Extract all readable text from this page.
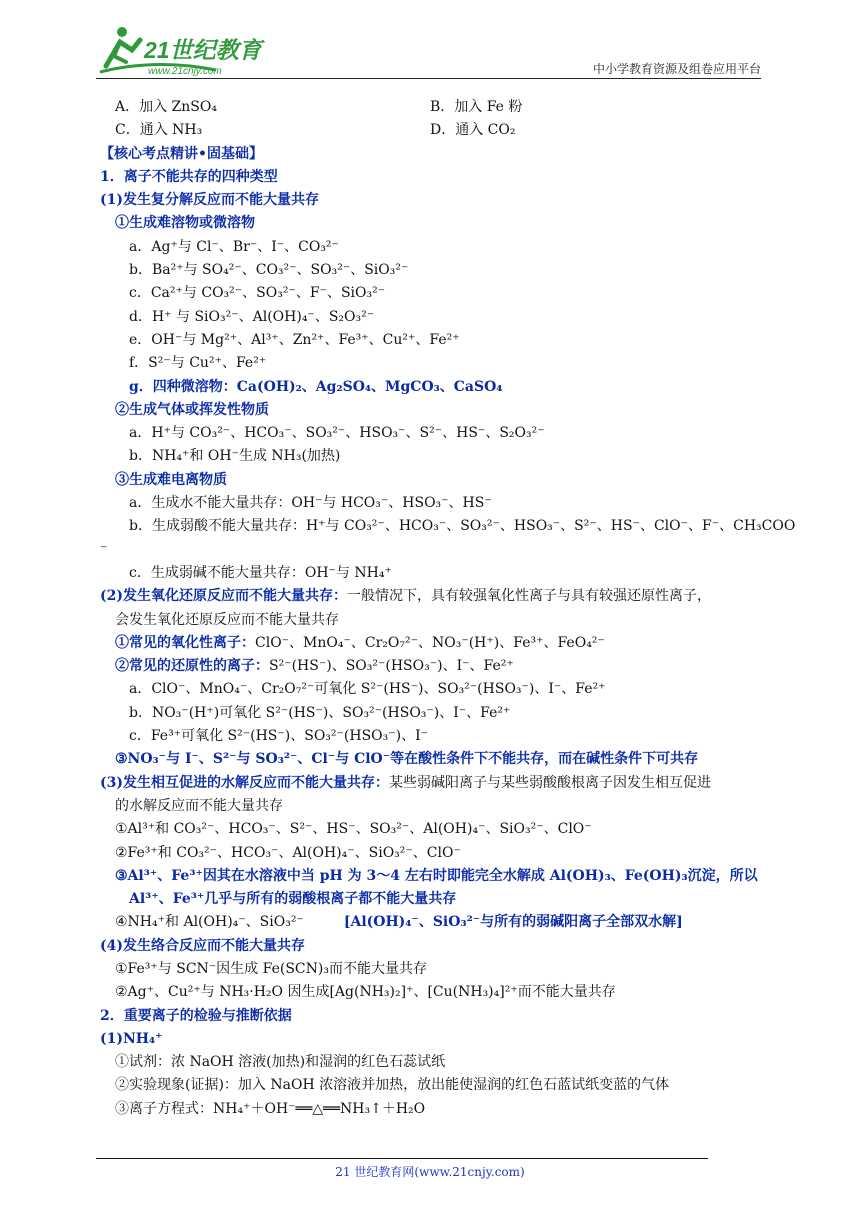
21世纪教育
www.21cnjy.com	中小学教育资源及组卷应用平台
A．加入 ZnSO₄	B．加入 Fe 粉
C．通入 NH₃	D．通入 CO₂
【核心考点精讲•固基础】
1．离子不能共存的四种类型
(1)发生复分解反应而不能大量共存
①生成难溶物或微溶物
a．Ag⁺与 Cl⁻、Br⁻、I⁻、CO₃²⁻
b．Ba²⁺与 SO₄²⁻、CO₃²⁻、SO₃²⁻、SiO₃²⁻
c．Ca²⁺与 CO₃²⁻、SO₃²⁻、F⁻、SiO₃²⁻
d．H⁺ 与 SiO₃²⁻、Al(OH)₄⁻、S₂O₃²⁻
e．OH⁻与 Mg²⁺、Al³⁺、Zn²⁺、Fe³⁺、Cu²⁺、Fe²⁺
f．S²⁻与 Cu²⁺、Fe²⁺
g．四种微溶物：Ca(OH)₂、Ag₂SO₄、MgCO₃、CaSO₄
②生成气体或挥发性物质
a．H⁺与 CO₃²⁻、HCO₃⁻、SO₃²⁻、HSO₃⁻、S²⁻、HS⁻、S₂O₃²⁻
b．NH₄⁺和 OH⁻生成 NH₃(加热)
③生成难电离物质
a．生成水不能大量共存：OH⁻与 HCO₃⁻、HSO₃⁻、HS⁻
b．生成弱酸不能大量共存：H⁺与 CO₃²⁻、HCO₃⁻、SO₃²⁻、HSO₃⁻、S²⁻、HS⁻、ClO⁻、F⁻、CH₃COO
⁻
c．生成弱碱不能大量共存：OH⁻与 NH₄⁺
(2)发生氧化还原反应而不能大量共存：一般情况下，具有较强氧化性离子与具有较强还原性离子，
会发生氧化还原反应而不能大量共存
①常见的氧化性离子：ClO⁻、MnO₄⁻、Cr₂O₇²⁻、NO₃⁻(H⁺)、Fe³⁺、FeO₄²⁻
②常见的还原性的离子：S²⁻(HS⁻)、SO₃²⁻(HSO₃⁻)、I⁻、Fe²⁺
a．ClO⁻、MnO₄⁻、Cr₂O₇²⁻可氧化 S²⁻(HS⁻)、SO₃²⁻(HSO₃⁻)、I⁻、Fe²⁺
b．NO₃⁻(H⁺)可氧化 S²⁻(HS⁻)、SO₃²⁻(HSO₃⁻)、I⁻、Fe²⁺
c．Fe³⁺可氧化 S²⁻(HS⁻)、SO₃²⁻(HSO₃⁻)、I⁻
③NO₃⁻与 I⁻、S²⁻与 SO₃²⁻、Cl⁻与 ClO⁻等在酸性条件下不能共存，而在碱性条件下可共存
(3)发生相互促进的水解反应而不能大量共存：某些弱碱阳离子与某些弱酸酸根离子因发生相互促进
的水解反应而不能大量共存
①Al³⁺和 CO₃²⁻、HCO₃⁻、S²⁻、HS⁻、SO₃²⁻、Al(OH)₄⁻、SiO₃²⁻、ClO⁻
②Fe³⁺和 CO₃²⁻、HCO₃⁻、Al(OH)₄⁻、SiO₃²⁻、ClO⁻
③Al³⁺、Fe³⁺因其在水溶液中当 pH 为 3～4 左右时即能完全水解成 Al(OH)₃、Fe(OH)₃沉淀，所以
Al³⁺、Fe³⁺几乎与所有的弱酸根离子都不能大量共存
④NH₄⁺和 Al(OH)₄⁻、SiO₃²⁻	[Al(OH)₄⁻、SiO₃²⁻与所有的弱碱阳离子全部双水解]
(4)发生络合反应而不能大量共存
①Fe³⁺与 SCN⁻因生成 Fe(SCN)₃而不能大量共存
②Ag⁺、Cu²⁺与 NH₃·H₂O 因生成[Ag(NH₃)₂]⁺、[Cu(NH₃)₄]²⁺而不能大量共存
2．重要离子的检验与推断依据
(1)NH₄⁺
①试剂：浓 NaOH 溶液(加热)和湿润的红色石蕊试纸
②实验现象(证据)：加入 NaOH 浓溶液并加热，放出能使湿润的红色石蓝试纸变蓝的气体
③离子方程式：NH₄⁺＋OH⁻══△══NH₃↑＋H₂O
21 世纪教育网(www.21cnjy.com)
